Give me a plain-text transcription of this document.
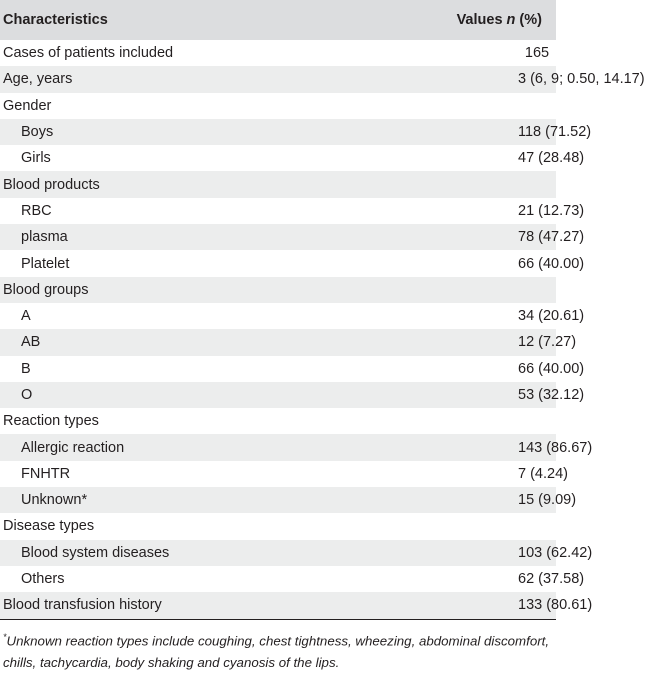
Characteristics	Values n (%)
Cases of patients included	165
Age, years	3 (6, 9; 0.50, 14.17)
Gender	
Boys	118 (71.52)
Girls	47 (28.48)
Blood products	
RBC	21 (12.73)
plasma	78 (47.27)
Platelet	66 (40.00)
Blood groups	
A	34 (20.61)
AB	12 (7.27)
B	66 (40.00)
O	53 (32.12)
Reaction types	
Allergic reaction	143 (86.67)
FNHTR	7 (4.24)
Unknown*	15 (9.09)
Disease types	
Blood system diseases	103 (62.42)
Others	62 (37.58)
Blood transfusion history	133 (80.61)
*Unknown reaction types include coughing, chest tightness, wheezing, abdominal discomfort, chills, tachycardia, body shaking and cyanosis of the lips.
